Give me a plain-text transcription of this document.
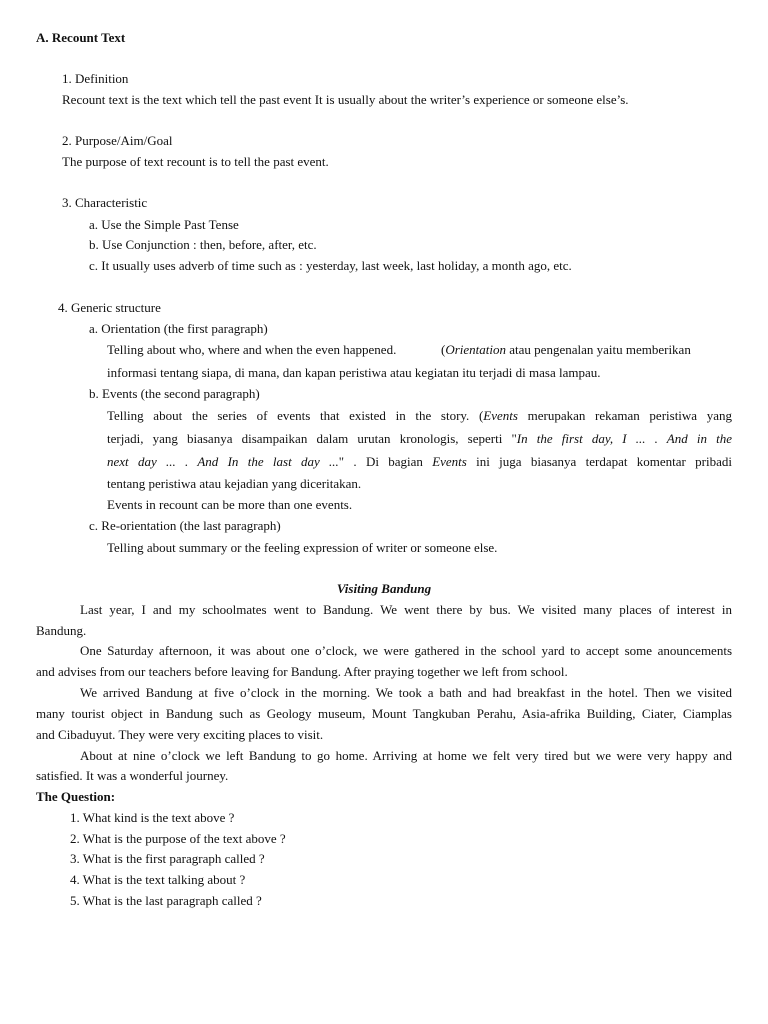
A. Recount Text
1. Definition
Recount text is the text which tell the past event It is usually about the writer’s experience or someone else’s.
2. Purpose/Aim/Goal
The purpose of text recount is to tell the past event.
3. Characteristic
a. Use the Simple Past Tense
b. Use Conjunction : then, before, after, etc.
c. It usually uses adverb of time such as : yesterday, last week, last holiday, a month ago, etc.
4. Generic structure
a. Orientation (the first paragraph)
Telling about who, where and when the even happened.	(Orientation atau pengenalan yaitu memberikan
informasi tentang siapa, di mana, dan kapan peristiwa atau kegiatan itu terjadi di masa lampau.
b. Events (the second paragraph)
Telling about the series of events that existed in the story. (Events merupakan rekaman peristiwa yang
terjadi, yang biasanya disampaikan dalam urutan kronologis, seperti "In the first day, I ... . And in the
next day ... . And In the last day ..." . Di bagian Events ini juga biasanya terdapat komentar pribadi
tentang peristiwa atau kejadian yang diceritakan.
Events in recount can be more than one events.
c. Re-orientation (the last paragraph)
Telling about summary or the feeling expression of writer or someone else.
Visiting Bandung
Last year, I and my schoolmates went to Bandung. We went there by bus. We visited many places of interest in
Bandung.
One Saturday afternoon, it was about one o’clock, we were gathered in the school yard to accept some anouncements
and advises from our teachers before leaving for Bandung. After praying together we left from school.
We arrived Bandung at five o’clock in the morning. We took a bath and had breakfast in the hotel. Then we visited
many tourist object in Bandung such as Geology museum, Mount Tangkuban Perahu, Asia-afrika Building, Ciater, Ciamplas
and Cibaduyut. They were very exciting places to visit.
About at nine o’clock we left Bandung to go home. Arriving at home we felt very tired but we were very happy and
satisfied. It was a wonderful journey.
The Question:
1. What kind is the text above ?
2. What is the purpose of the text above ?
3. What is the first paragraph called ?
4. What is the text talking about ?
5. What is the last paragraph called ?
